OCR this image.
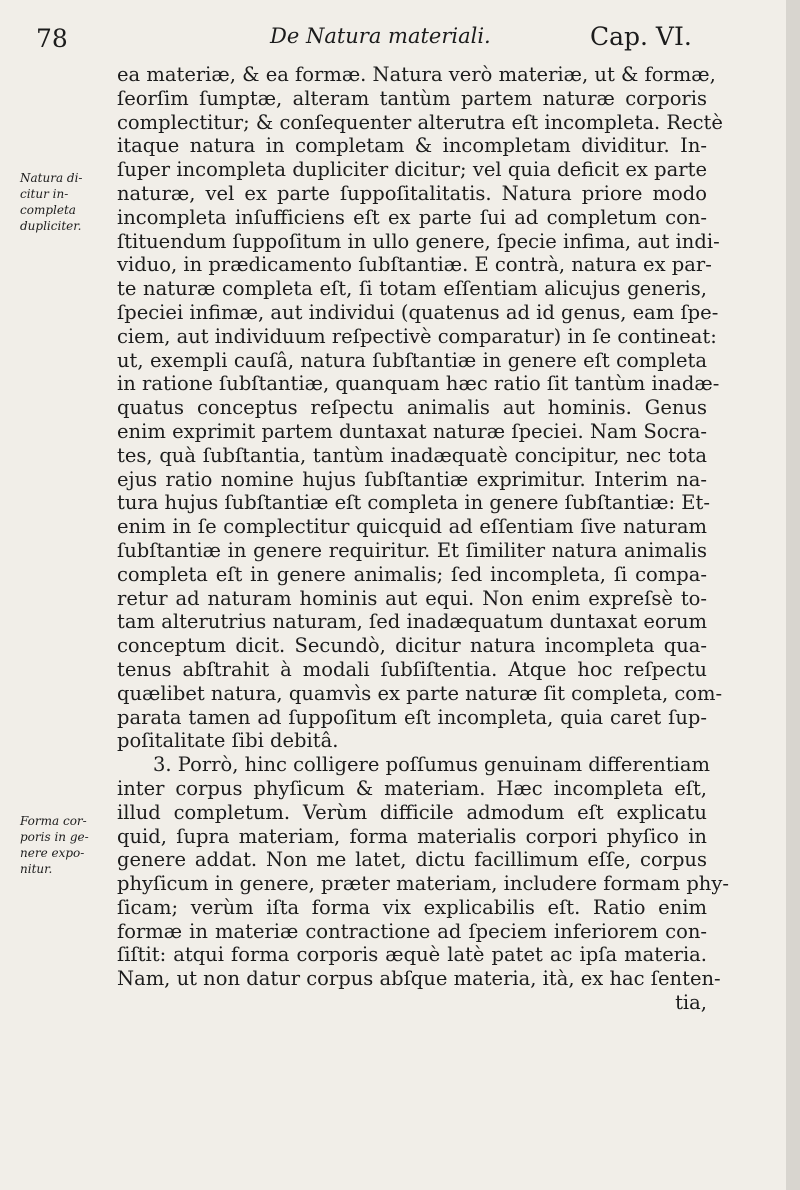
78	De Natura materiali.	Cap. VI.
Natura di-
citur in-
completa
dupliciter.
Forma cor-
poris in ge-
nere expo-
nitur.
ea materiæ, & ea formæ. Natura verò materiæ, ut & formæ,
ſeorſim ſumptæ, alteram tantùm partem naturæ corporis
complectitur; & conſequenter alterutra eſt incompleta. Rectè
itaque natura in completam & incompletam dividitur. In-
ſuper incompleta dupliciter dicitur; vel quia deficit ex parte
naturæ, vel ex parte ſuppoſitalitatis. Natura priore modo
incompleta inſufficiens eſt ex parte ſui ad completum con-
ſtituendum ſuppoſitum in ullo genere, ſpecie infima, aut indi-
viduo, in prædicamento ſubſtantiæ. E contrà, natura ex par-
te naturæ completa eſt, ſi totam eſſentiam alicujus generis,
ſpeciei infimæ, aut individui (quatenus ad id genus, eam ſpe-
ciem, aut individuum reſpectivè comparatur) in ſe contineat:
ut, exempli cauſâ, natura ſubſtantiæ in genere eſt completa
in ratione ſubſtantiæ, quanquam hæc ratio ſit tantùm inadæ-
quatus conceptus reſpectu animalis aut hominis. Genus
enim exprimit partem duntaxat naturæ ſpeciei. Nam Socra-
tes, quà ſubſtantia, tantùm inadæquatè concipitur, nec tota
ejus ratio nomine hujus ſubſtantiæ exprimitur. Interim na-
tura hujus ſubſtantiæ eſt completa in genere ſubſtantiæ: Et-
enim in ſe complectitur quicquid ad eſſentiam ſive naturam
ſubſtantiæ in genere requiritur. Et ſimiliter natura animalis
completa eſt in genere animalis; ſed incompleta, ſi compa-
retur ad naturam hominis aut equi. Non enim expreſsè to-
tam alterutrius naturam, ſed inadæquatum duntaxat eorum
conceptum dicit. Secundò, dicitur natura incompleta qua-
tenus abſtrahit à modali ſubſiſtentia. Atque hoc reſpectu
quælibet natura, quamvìs ex parte naturæ ſit completa, com-
parata tamen ad ſuppoſitum eſt incompleta, quia caret ſup-
poſitalitate ſibi debitâ.
3. Porrò, hinc colligere poſſumus genuinam differentiam
inter corpus phyſicum & materiam. Hæc incompleta eſt,
illud completum. Verùm difficile admodum eſt explicatu
quid, ſupra materiam, forma materialis corpori phyſico in
genere addat. Non me latet, dictu facillimum eſſe, corpus
phyſicum in genere, præter materiam, includere formam phy-
ſicam; verùm iſta forma vix explicabilis eſt. Ratio enim
formæ in materiæ contractione ad ſpeciem inferiorem con-
ſiſtit: atqui forma corporis æquè latè patet ac ipſa materia.
Nam, ut non datur corpus abſque materia, ità, ex hac ſenten-
tia,
